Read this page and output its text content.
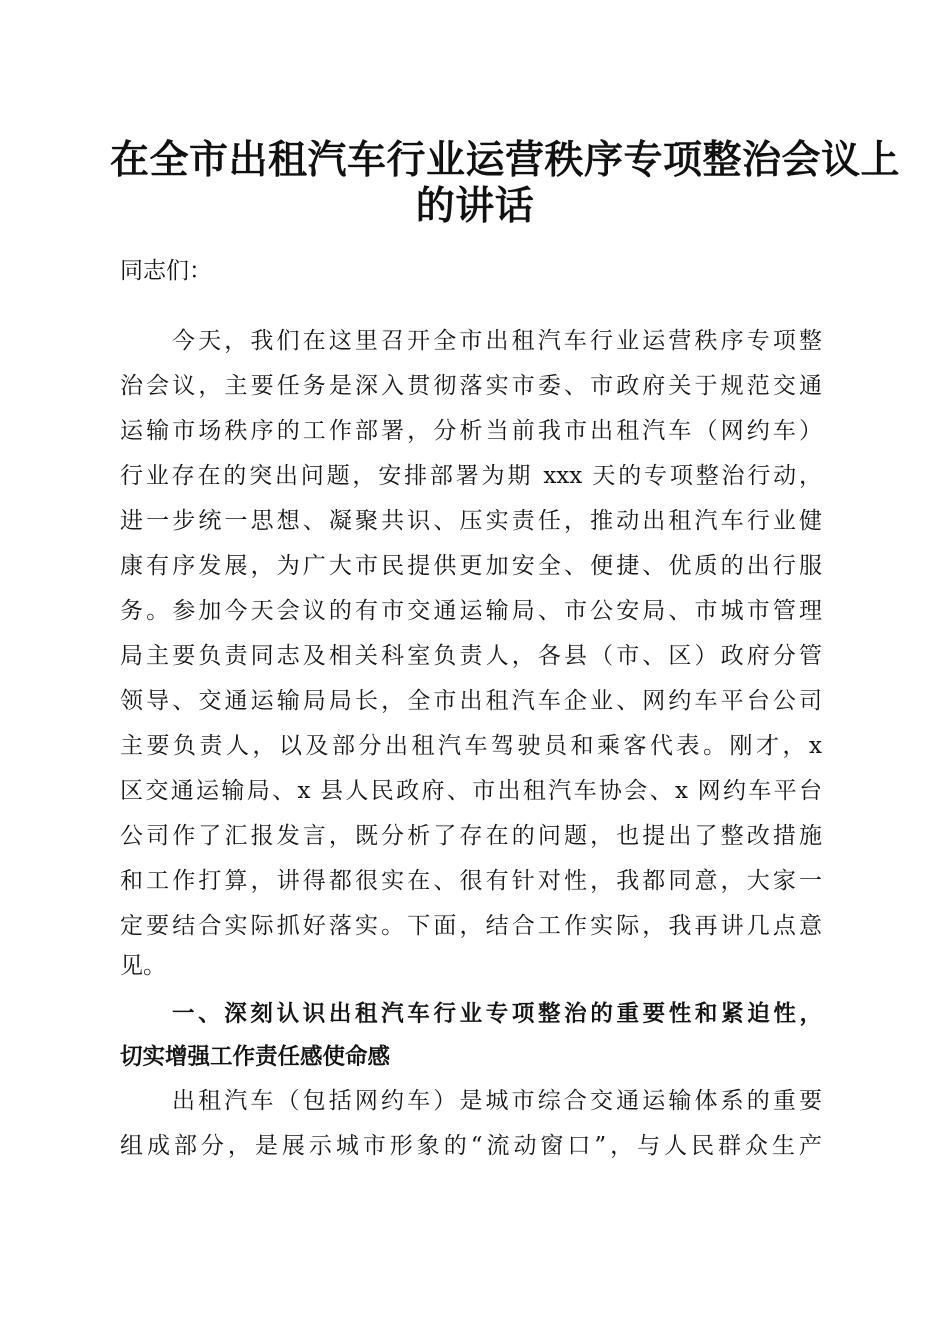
在全市出租汽车行业运营秩序专项整治会议上
的讲话
同志们：
今天，我们在这里召开全市出租汽车行业运营秩序专项整
治会议，主要任务是深入贯彻落实市委、市政府关于规范交通
运输市场秩序的工作部署，分析当前我市出租汽车（网约车）
行业存在的突出问题，安排部署为期 xxx 天的专项整治行动，
进一步统一思想、凝聚共识、压实责任，推动出租汽车行业健
康有序发展，为广大市民提供更加安全、便捷、优质的出行服
务。参加今天会议的有市交通运输局、市公安局、市城市管理
局主要负责同志及相关科室负责人，各县（市、区）政府分管
领导、交通运输局局长，全市出租汽车企业、网约车平台公司
主要负责人，以及部分出租汽车驾驶员和乘客代表。刚才，x
区交通运输局、x 县人民政府、市出租汽车协会、x 网约车平台
公司作了汇报发言，既分析了存在的问题，也提出了整改措施
和工作打算，讲得都很实在、很有针对性，我都同意，大家一
定要结合实际抓好落实。下面，结合工作实际，我再讲几点意
见。
一、深刻认识出租汽车行业专项整治的重要性和紧迫性，
切实增强工作责任感使命感
出租汽车（包括网约车）是城市综合交通运输体系的重要
组成部分，是展示城市形象的“流动窗口”，与人民群众生产
